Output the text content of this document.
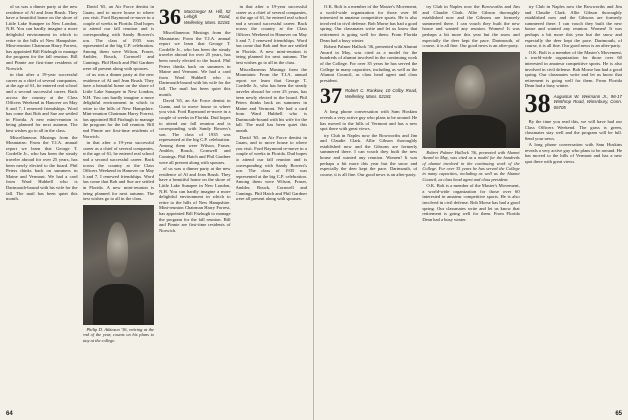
of us was a dinner party at the new residence of Al and Jean Brush. They have a beautiful home on the shore of Little Lake Sunapee in New London, N.H. You can hardly imagine a more delightful environment in which to retire to the hills of New Hampshire. Mini-reunion Chairman Harry Forrest, has appointed Bill Fitzhugh to manage the program for the fall reunion. Bill and Pinnie are first-time residents of Norwich.

in that after a 19-year successful career as a chief of several companies, at the age of 61, he entered real school and a second successful career. Back across the country at the Class Officers Weekend in Hanover on May 6 and 7, I renewed friendships. Word has come that Bob and Sue are settled in Florida. A new mini-reunion is being planned for next autumn. The best wishes go to all in the class.

Miscellaneous Musings from the Mountains: From the T.I.A. annual report we learn that George T. Cordelle Jr., who has been the steady traveler abroad for over 25 years, has been newly elected to the board. Phil Peters thinks back on summers in Maine and Vermont. We had a card from Ward Hubbell who is Dartmouth-bound with his wife for the fall. The mail has been quiet this month.

David '65, an Air Force dentist in Guam, and to move house to where you visit. Ford Raymond re-move in a couple of weeks in Florida. Dud hopes to attend our fall reunion and is corresponding with Sandy Bowers's son. The class of 1935 was represented at the big C.P. celebration. Among them were Wilson, Fraser, Ambler, Bouck, Cornwell and Cumings. Phil Hatch and Phil Gardner were all present along with spouses.

of us was a dinner party at the new residence of Al and Jean Brush. They have a beautiful home on the shore of Little Lake Sunapee in New London, N.H. You can hardly imagine a more delightful environment in which to retire to the hills of New Hampshire. Mini-reunion Chairman Harry Forrest, has appointed Bill Fitzhugh to manage the program for the fall reunion. Bill and Pinnie are first-time residents of Norwich.

in that after a 19-year successful career as a chief of several companies, at the age of 61, he entered real school and a second successful career. Back across the country at the Class Officers Weekend in Hanover on May 6 and 7, I renewed friendships. Word has come that Bob and Sue are settled in Florida. A new mini-reunion is being planned for next autumn. The best wishes go to all in the class.

Philip D. Atkinson '36, retiring at the end of the year, counts on his plans to stay at the college.

36 MacGregor M. Hill, 52 Lehigh Road, Wellesley, Mass. 02181

Miscellaneous Musings from the Mountains: From the T.I.A. annual report we learn that George T. Cordelle Jr., who has been the steady traveler abroad for over 25 years, has been newly elected to the board. Phil Peters thinks back on summers in Maine and Vermont. We had a card from Ward Hubbell who is Dartmouth-bound with his wife for the fall. The mail has been quiet this month.

David '65, an Air Force dentist in Guam, and to move house to where you visit. Ford Raymond re-move in a couple of weeks in Florida. Dud hopes to attend our fall reunion and is corresponding with Sandy Bowers's son. The class of 1935 was represented at the big C.P. celebration. Among them were Wilson, Fraser, Ambler, Bouck, Cornwell and Cumings. Phil Hatch and Phil Gardner were all present along with spouses.

of us was a dinner party at the new residence of Al and Jean Brush. They have a beautiful home on the shore of Little Lake Sunapee in New London, N.H. You can hardly imagine a more delightful environment in which to retire to the hills of New Hampshire. Mini-reunion Chairman Harry Forrest, has appointed Bill Fitzhugh to manage the program for the fall reunion. Bill and Pinnie are first-time residents of Norwich.

in that after a 19-year successful career as a chief of several companies, at the age of 61, he entered real school and a second successful career. Back across the country at the Class Officers Weekend in Hanover on May 6 and 7, I renewed friendships. Word has come that Bob and Sue are settled in Florida. A new mini-reunion is being planned for next autumn. The best wishes go to all in the class.

Miscellaneous Musings from the Mountains: From the T.I.A. annual report we learn that George T. Cordelle Jr., who has been the steady traveler abroad for over 25 years, has been newly elected to the board. Phil Peters thinks back on summers in Maine and Vermont. We had a card from Ward Hubbell who is Dartmouth-bound with his wife for the fall. The mail has been quiet this month.

David '65, an Air Force dentist in Guam, and to move house to where you visit. Ford Raymond re-move in a couple of weeks in Florida. Dud hopes to attend our fall reunion and is corresponding with Sandy Bowers's son. The class of 1935 was represented at the big C.P. celebration. Among them were Wilson, Fraser, Ambler, Bouck, Cornwell and Cumings. Phil Hatch and Phil Gardner were all present along with spouses.

64

O.K. Bolt is a member of the Master's Movement, a world-wide organization for those over 60 interested in amateur competitive sports. He is also involved in civil defense. Bob Morse has had a good spring. Our classmates write and let us know that retirement is going well for them. From Florida Dean had a busy winter.

Robert Palmer Hallock '36, presented with Alumni Award in May, was cited as a model for the hundreds of alumni involved in the continuing work of the College. For over 35 years he has served the College in many capacities, including as well as the Alumni Council, as class head agent and class president.

37 Robert C. Rankow, 10 Colby Road, Wellesley, Mass. 02181

A long phone conversation with Sam Hoskins reveals a very active guy who plans to be around. He has moved to the hills of Vermont and has a new spot there with great views.

try Club in Naples now the Bowworths and Jim and Claudie Clark. Allie Gibson thoroughly established now and the Gibsons are formerly summered there. I can vouch they built the new house and wanted any reunion. Women! It was perhaps a bit more this year but the snow and especially the deer kept the pace. Dartmouth, of course, it is all fine. Our good news is an after-party.

try Club in Naples now the Bowworths and Jim and Claudie Clark. Allie Gibson thoroughly established now and the Gibsons are formerly summered there. I can vouch they built the new house and wanted any reunion. Women! It was perhaps a bit more this year but the snow and especially the deer kept the pace. Dartmouth, of course, it is all fine. Our good news is an after-party.

Robert Palmer Hallock '36, presented with Alumni Award in May, was cited as a model for the hundreds of alumni involved in the continuing work of the College. For over 35 years he has served the College in many capacities, including as well as the Alumni Council, as class head agent and class president.

O.K. Bolt is a member of the Master's Movement, a world-wide organization for those over 60 interested in amateur competitive sports. He is also involved in civil defense. Bob Morse has had a good spring. Our classmates write and let us know that retirement is going well for them. From Florida Dean had a busy winter.

try Club in Naples now the Bowworths and Jim and Claudie Clark. Allie Gibson thoroughly established now and the Gibsons are formerly summered there. I can vouch they built the new house and wanted any reunion. Women! It was perhaps a bit more this year but the snow and especially the deer kept the pace. Dartmouth, of course, it is all fine. Our good news is an after-party.

O.K. Bolt is a member of the Master's Movement, a world-wide organization for those over 60 interested in amateur competitive sports. He is also involved in civil defense. Bob Morse has had a good spring. Our classmates write and let us know that retirement is going well for them. From Florida Dean had a busy winter.

38 Augustus W. Weimann Jr., 96-17 Winthrop Road, Winsnbury, Conn. 06705

By the time you read this, we will have had our Class Officers Weekend. The grass is green, classmates stay well and the program will be full. Send your news.

A long phone conversation with Sam Hoskins reveals a very active guy who plans to be around. He has moved to the hills of Vermont and has a new spot there with great views.

65
